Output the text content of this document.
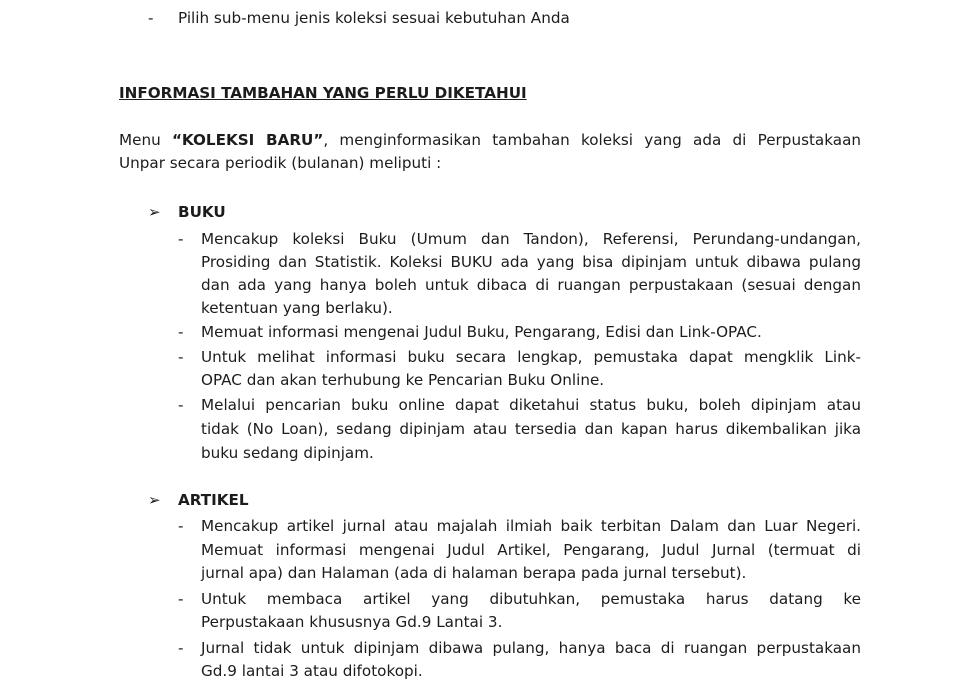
- Pilih sub-menu jenis koleksi sesuai kebutuhan Anda
INFORMASI TAMBAHAN YANG PERLU DIKETAHUI
Menu “KOLEKSI BARU”, menginformasikan tambahan koleksi yang ada di Perpustakaan
Unpar secara periodik (bulanan) meliputi :
➢ BUKU
- Mencakup koleksi Buku (Umum dan Tandon), Referensi, Perundang-undangan,
Prosiding dan Statistik. Koleksi BUKU ada yang bisa dipinjam untuk dibawa pulang
dan ada yang hanya boleh untuk dibaca di ruangan perpustakaan (sesuai dengan
ketentuan yang berlaku).
- Memuat informasi mengenai Judul Buku, Pengarang, Edisi dan Link-OPAC.
- Untuk melihat informasi buku secara lengkap, pemustaka dapat mengklik Link-
OPAC dan akan terhubung ke Pencarian Buku Online.
- Melalui pencarian buku online dapat diketahui status buku, boleh dipinjam atau
tidak (No Loan), sedang dipinjam atau tersedia dan kapan harus dikembalikan jika
buku sedang dipinjam.
➢ ARTIKEL
- Mencakup artikel jurnal atau majalah ilmiah baik terbitan Dalam dan Luar Negeri.
Memuat informasi mengenai Judul Artikel, Pengarang, Judul Jurnal (termuat di
jurnal apa) dan Halaman (ada di halaman berapa pada jurnal tersebut).
- Untuk membaca artikel yang dibutuhkan, pemustaka harus datang ke
Perpustakaan khususnya Gd.9 Lantai 3.
- Jurnal tidak untuk dipinjam dibawa pulang, hanya baca di ruangan perpustakaan
Gd.9 lantai 3 atau difotokopi.
